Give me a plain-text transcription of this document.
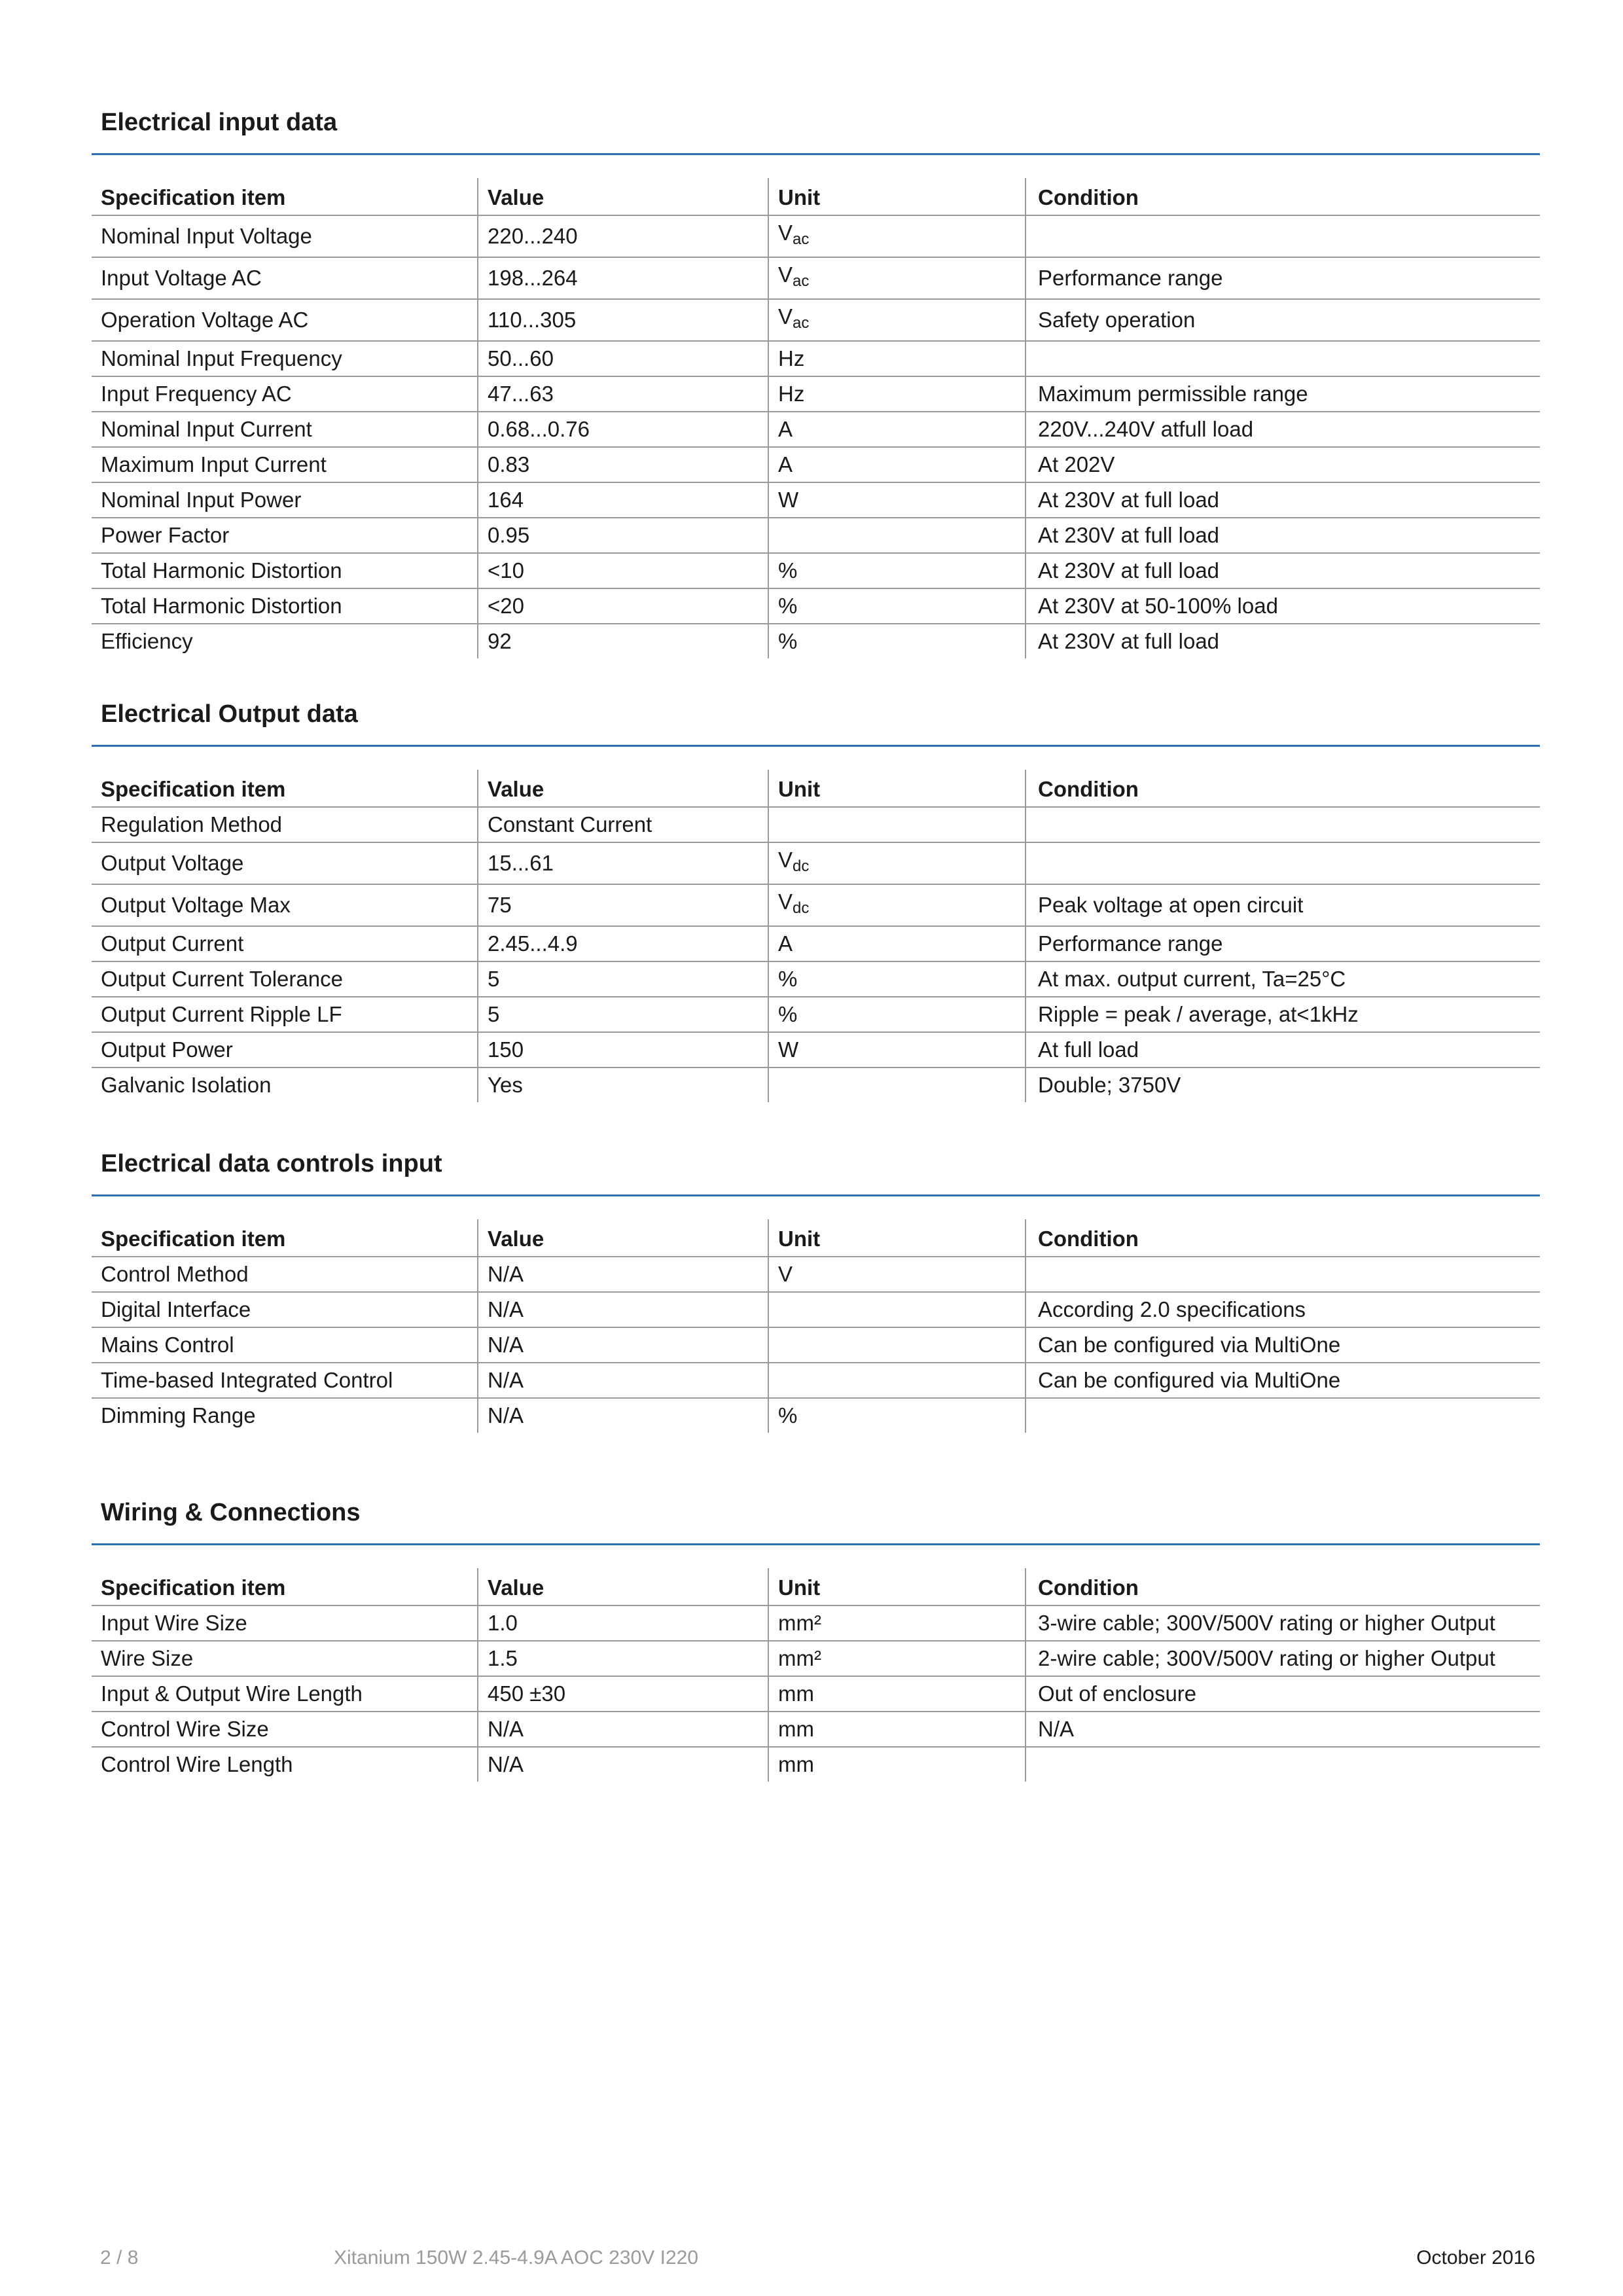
Electrical input data
Specification item	Value	Unit	Condition
Nominal Input Voltage	220...240	Vac	
Input Voltage AC	198...264	Vac	Performance range
Operation Voltage AC	110...305	Vac	Safety operation
Nominal Input Frequency	50...60	Hz	
Input Frequency AC	47...63	Hz	Maximum permissible range
Nominal Input Current	0.68...0.76	A	220V...240V atfull load
Maximum Input Current	0.83	A	At 202V
Nominal Input Power	164	W	At 230V at full load
Power Factor	0.95		At 230V at full load
Total Harmonic Distortion	<10	%	At 230V at full load
Total Harmonic Distortion	<20	%	At 230V at 50-100% load
Efficiency	92	%	At 230V at full load
Electrical Output data
Specification item	Value	Unit	Condition
Regulation Method	Constant Current		
Output Voltage	15...61	Vdc	
Output Voltage Max	75	Vdc	Peak voltage at open circuit
Output Current	2.45...4.9	A	Performance range
Output Current Tolerance	5	%	At max. output current, Ta=25°C
Output Current Ripple LF	5	%	Ripple = peak / average, at<1kHz
Output Power	150	W	At full load
Galvanic Isolation	Yes		Double; 3750V
Electrical data controls input
Specification item	Value	Unit	Condition
Control Method	N/A	V	
Digital Interface	N/A		According 2.0 specifications
Mains Control	N/A		Can be configured via MultiOne
Time-based Integrated Control	N/A		Can be configured via MultiOne
Dimming Range	N/A	%	
Wiring & Connections
Specification item	Value	Unit	Condition
Input Wire Size	1.0	mm²	3-wire cable; 300V/500V rating or higher Output
Wire Size	1.5	mm²	2-wire cable; 300V/500V rating or higher Output
Input & Output Wire Length	450 ±30	mm	Out of enclosure
Control Wire Size	N/A	mm	N/A
Control Wire Length	N/A	mm	
2 / 8	Xitanium 150W 2.45-4.9A AOC 230V I220	October 2016
